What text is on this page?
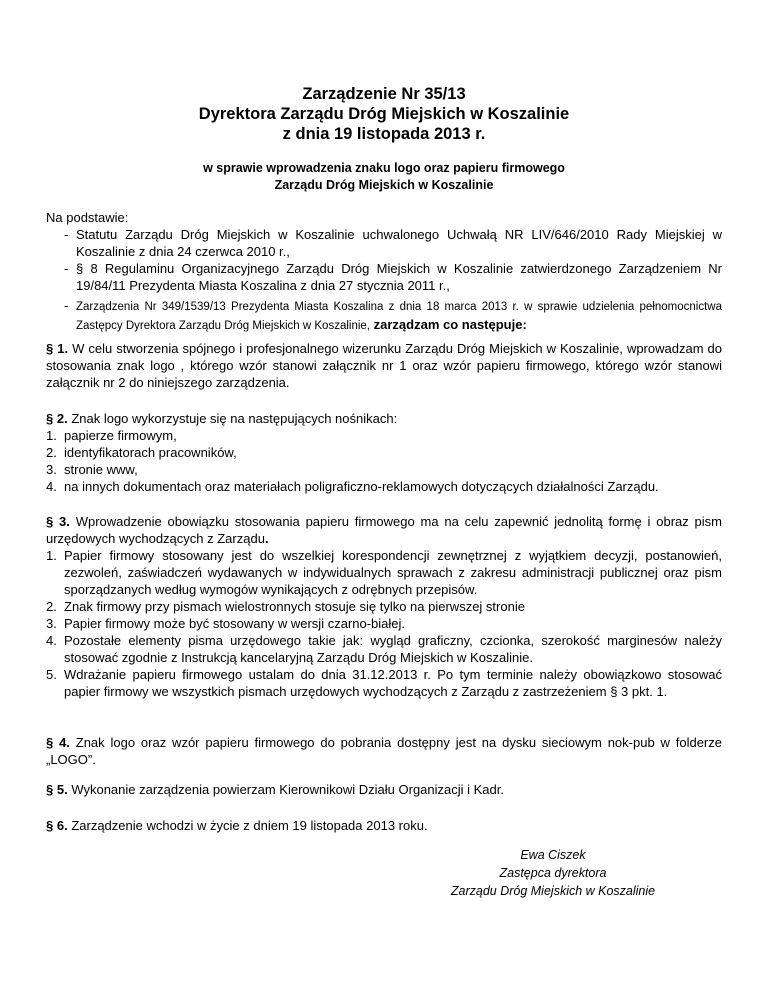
Zarządzenie Nr 35/13
Dyrektora Zarządu Dróg Miejskich w Koszalinie
z dnia 19 listopada 2013 r.
w sprawie wprowadzenia znaku logo oraz papieru firmowego
Zarządu Dróg Miejskich w Koszalinie
Na podstawie:
- Statutu Zarządu Dróg Miejskich w Koszalinie uchwalonego Uchwałą NR LIV/646/2010 Rady Miejskiej w Koszalinie z dnia 24 czerwca 2010 r.,
- § 8 Regulaminu Organizacyjnego Zarządu Dróg Miejskich w Koszalinie zatwierdzonego Zarządzeniem Nr 19/84/11 Prezydenta Miasta Koszalina z dnia 27 stycznia 2011 r.,
- Zarządzenia Nr 349/1539/13 Prezydenta Miasta Koszalina z dnia 18 marca 2013 r. w sprawie udzielenia pełnomocnictwa Zastępcy Dyrektora Zarządu Dróg Miejskich w Koszalinie, zarządzam co następuje:
§ 1. W celu stworzenia spójnego i profesjonalnego wizerunku Zarządu Dróg Miejskich w Koszalinie, wprowadzam do stosowania znak logo , którego wzór stanowi załącznik nr 1 oraz wzór papieru firmowego, którego wzór stanowi załącznik nr 2 do niniejszego zarządzenia.
§ 2. Znak logo wykorzystuje się na następujących nośnikach:
1. papierze firmowym,
2. identyfikatorach pracowników,
3. stronie www,
4. na innych dokumentach oraz materiałach poligraficzno-reklamowych dotyczących działalności Zarządu.
§ 3. Wprowadzenie obowiązku stosowania papieru firmowego ma na celu zapewnić jednolitą formę i obraz pism urzędowych wychodzących z Zarządu.
1. Papier firmowy stosowany jest do wszelkiej korespondencji zewnętrznej z wyjątkiem decyzji, postanowień, zezwoleń, zaświadczeń wydawanych w indywidualnych sprawach z zakresu administracji publicznej oraz pism sporządzanych według wymogów wynikających z odrębnych przepisów.
2. Znak firmowy przy pismach wielostronnych stosuje się tylko na pierwszej stronie
3. Papier firmowy może być stosowany w wersji czarno-białej.
4. Pozostałe elementy pisma urzędowego takie jak: wygląd graficzny, czcionka, szerokość marginesów należy stosować zgodnie z Instrukcją kancelaryjną Zarządu Dróg Miejskich w Koszalinie.
5. Wdrażanie papieru firmowego ustalam do dnia 31.12.2013 r. Po tym terminie należy obowiązkowo stosować papier firmowy we wszystkich pismach urzędowych wychodzących z Zarządu z zastrzeżeniem § 3 pkt. 1.
§ 4. Znak logo oraz wzór papieru firmowego do pobrania dostępny jest na dysku sieciowym nok-pub w folderze „LOGO”.
§ 5. Wykonanie zarządzenia powierzam Kierownikowi Działu Organizacji i Kadr.
§ 6. Zarządzenie wchodzi w życie z dniem 19 listopada 2013 roku.
Ewa Ciszek
Zastępca dyrektora
Zarządu Dróg Miejskich w Koszalinie
